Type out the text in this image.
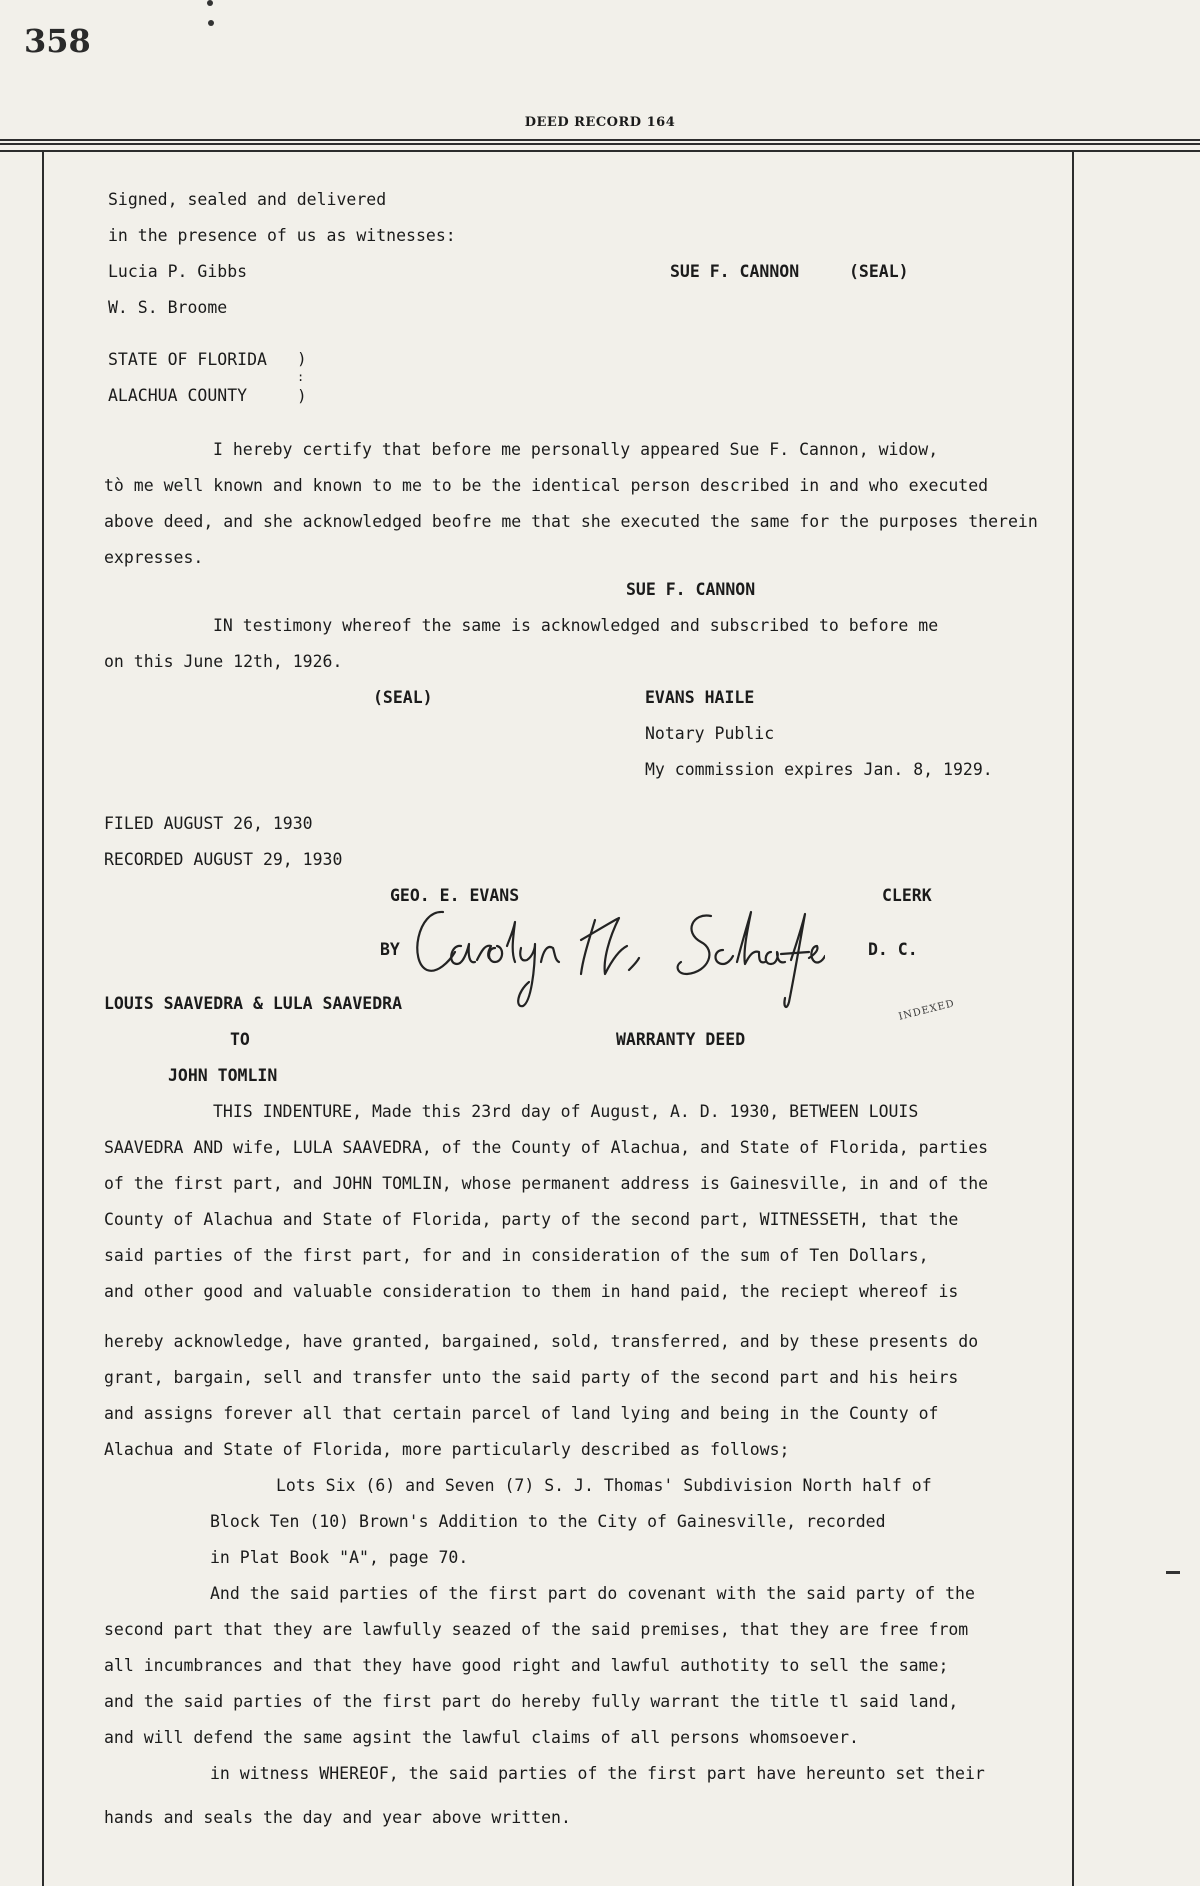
358
DEED RECORD 164
Signed, sealed and delivered
in the presence of us as witnesses:
Lucia P. Gibbs	SUE F. CANNON	(SEAL)
W. S. Broome
STATE OF FLORIDA
ALACHUA COUNTY
)
:
)
I hereby certify that before me personally appeared Sue F. Cannon, widow,
tò me well known and known to me to be the identical person described in and who executed
above deed, and she acknowledged beofre me that she executed the same for the purposes therein
expresses.
SUE F. CANNON
IN testimony whereof the same is acknowledged and subscribed to before me
on this June 12th, 1926.
(SEAL)	EVANS HAILE
Notary Public
My commission expires Jan. 8, 1929.
FILED AUGUST 26, 1930
RECORDED AUGUST 29, 1930
GEO. E. EVANS	CLERK
BY	D. C.
LOUIS SAAVEDRA & LULA SAAVEDRA
TO	WARRANTY DEED
INDEXED
JOHN TOMLIN
THIS INDENTURE, Made this 23rd day of August, A. D. 1930, BETWEEN LOUIS
SAAVEDRA AND wife, LULA SAAVEDRA, of the County of Alachua, and State of Florida, parties
of the first part, and JOHN TOMLIN, whose permanent address is Gainesville, in and of the
County of Alachua and State of Florida, party of the second part, WITNESSETH, that the
said parties of the first part, for and in consideration of the sum of Ten Dollars,
and other good and valuable consideration to them in hand paid, the reciept whereof is
hereby acknowledge, have granted, bargained, sold, transferred, and by these presents do
grant, bargain, sell and transfer unto the said party of the second part and his heirs
and assigns forever all that certain parcel of land lying and being in the County of
Alachua and State of Florida, more particularly described as follows;
Lots Six (6) and Seven (7) S. J. Thomas' Subdivision North half of
Block Ten (10) Brown's Addition to the City of Gainesville, recorded
in Plat Book "A", page 70.
And the said parties of the first part do covenant with the said party of the
second part that they are lawfully seazed of the said premises, that they are free from
all incumbrances and that they have good right and lawful authotity to sell the same;
and the said parties of the first part do hereby fully warrant the title tl said land,
and will defend the same agsint the lawful claims of all persons whomsoever.
in witness WHEREOF, the said parties of the first part have hereunto set their
hands and seals the day and year above written.
